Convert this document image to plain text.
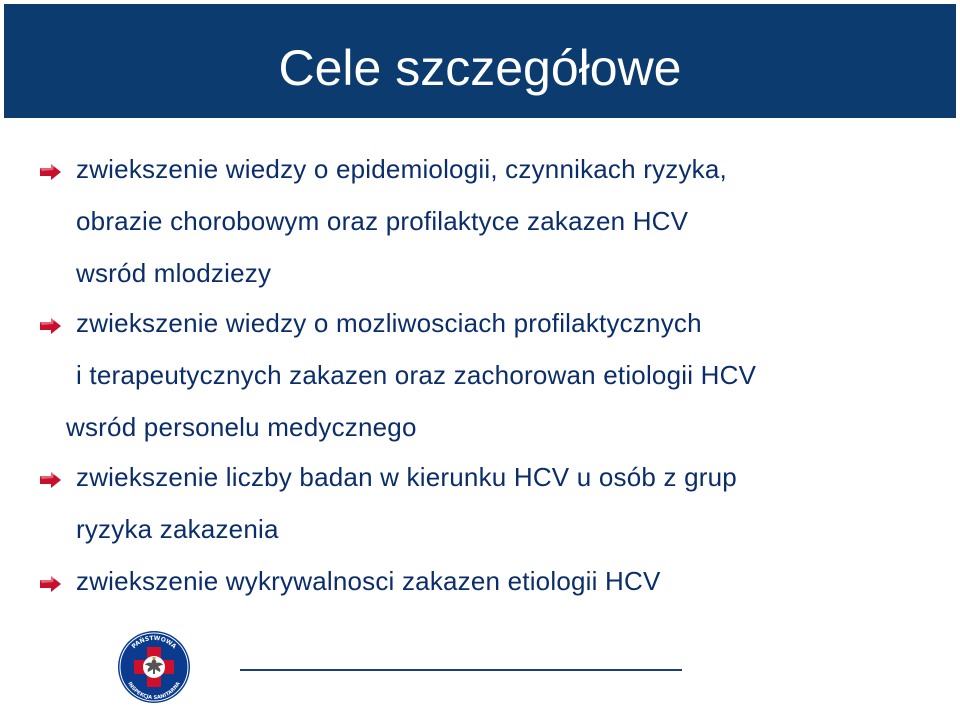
Cele szczegółowe
zwiekszenie wiedzy o epidemiologii, czynnikach ryzyka,
obrazie chorobowym oraz profilaktyce zakazen HCV
wsród mlodziezy
zwiekszenie wiedzy o mozliwosciach profilaktycznych
i terapeutycznych zakazen oraz zachorowan etiologii HCV
wsród personelu medycznego
zwiekszenie liczby badan w kierunku HCV u osób z grup
ryzyka zakazenia
zwiekszenie wykrywalnosci zakazen etiologii HCV
PAŃSTWOWA
INSPEKCJA SANITARNA
